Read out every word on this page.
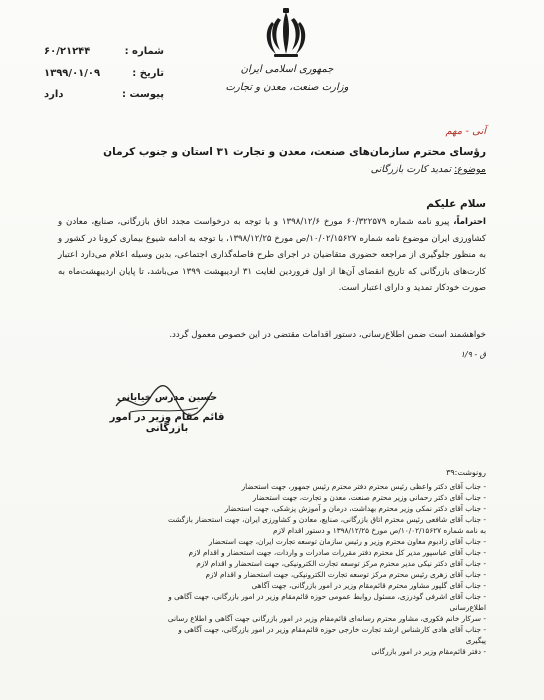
جمهوری اسلامی ایران
وزارت صنعت، معدن و تجارت
شماره :
۶۰/۲۱۲۴۴
تاریخ :
۱۳۹۹/۰۱/۰۹
پیوست :
دارد
آنی - مهم
رؤسای محترم سازمان‌های صنعت، معدن و تجارت ۳۱ استان و جنوب کرمان
موضوع: تمدید کارت بازرگانی
سلام علیکم
احتراماً، پیرو نامه شماره ۶۰/۳۲۲۵۷۹ مورخ ۱۳۹۸/۱۲/۶ و با توجه به درخواست مجدد اتاق بازرگانی، صنایع، معادن و کشاورزی ایران موضوع نامه شماره ۱۰/۰۲/۱۵۶۲۷/ص مورخ ۱۳۹۸/۱۲/۲۵، با توجه به ادامه شیوع بیماری کرونا در کشور و به منظور جلوگیری از مراجعه حضوری متقاضیان در اجرای طرح فاصله‌گذاری اجتماعی، بدین وسیله اعلام می‌دارد اعتبار کارت‌های بازرگانی که تاریخ انقضای آن‌ها از اول فروردین لغایت ۳۱ اردیبهشت ۱۳۹۹ می‌باشد، تا پایان اردیبهشت‌ماه به صورت خودکار تمدید و دارای اعتبار است.
خواهشمند است ضمن اطلاع‌رسانی، دستور اقدامات مقتضی در این خصوص معمول گردد.
ق - ۱/۹
حسین مدرس خیابانی
قائم مقام وزیر در امور بازرگانی
رونوشت:۳۹
- جناب آقای دکتر واعظی رئیس محترم دفتر محترم رئیس جمهور، جهت استحضار
- جناب آقای دکتر رحمانی وزیر محترم صنعت، معدن و تجارت، جهت استحضار
- جناب آقای دکتر نمکی وزیر محترم بهداشت، درمان و آموزش پزشکی، جهت استحضار
- جناب آقای شافعی رئیس محترم اتاق بازرگانی، صنایع، معادن و کشاورزی ایران، جهت استحضار بازگشت
به نامه شماره ۱۰/۰۲/۱۵۶۲۷/ص مورخ ۱۳۹۸/۱۲/۲۵ و دستور اقدام لازم
- جناب آقای زادبوم معاون محترم وزیر و رئیس سازمان توسعه تجارت ایران، جهت استحضار
- جناب آقای عباسپور مدیر کل محترم دفتر مقررات صادرات و واردات، جهت استحضار و اقدام لازم
- جناب آقای دکتر نیکی مدیر محترم مرکز توسعه تجارت الکترونیکی، جهت استحضار و اقدام لازم
- جناب آقای زهری رئیس محترم مرکز توسعه تجارت الکترونیکی، جهت استحضار و اقدام لازم
- جناب آقای گلپور مشاور محترم قائم‌مقام وزیر در امور بازرگانی، جهت آگاهی
- جناب آقای اشرفی گودرزی، مسئول روابط عمومی حوزه قائم‌مقام وزیر در امور بازرگانی، جهت آگاهی و
اطلاع‌رسانی
- سرکار خانم فکوری، مشاور محترم رسانه‌ای قائم‌مقام وزیر در امور بازرگانی جهت آگاهی و اطلاع رسانی
- جناب آقای هادی کارشناس ارشد تجارت خارجی حوزه قائم‌مقام وزیر در امور بازرگانی، جهت آگاهی و
پیگیری
- دفتر قائم‌مقام وزیر در امور بازرگانی
